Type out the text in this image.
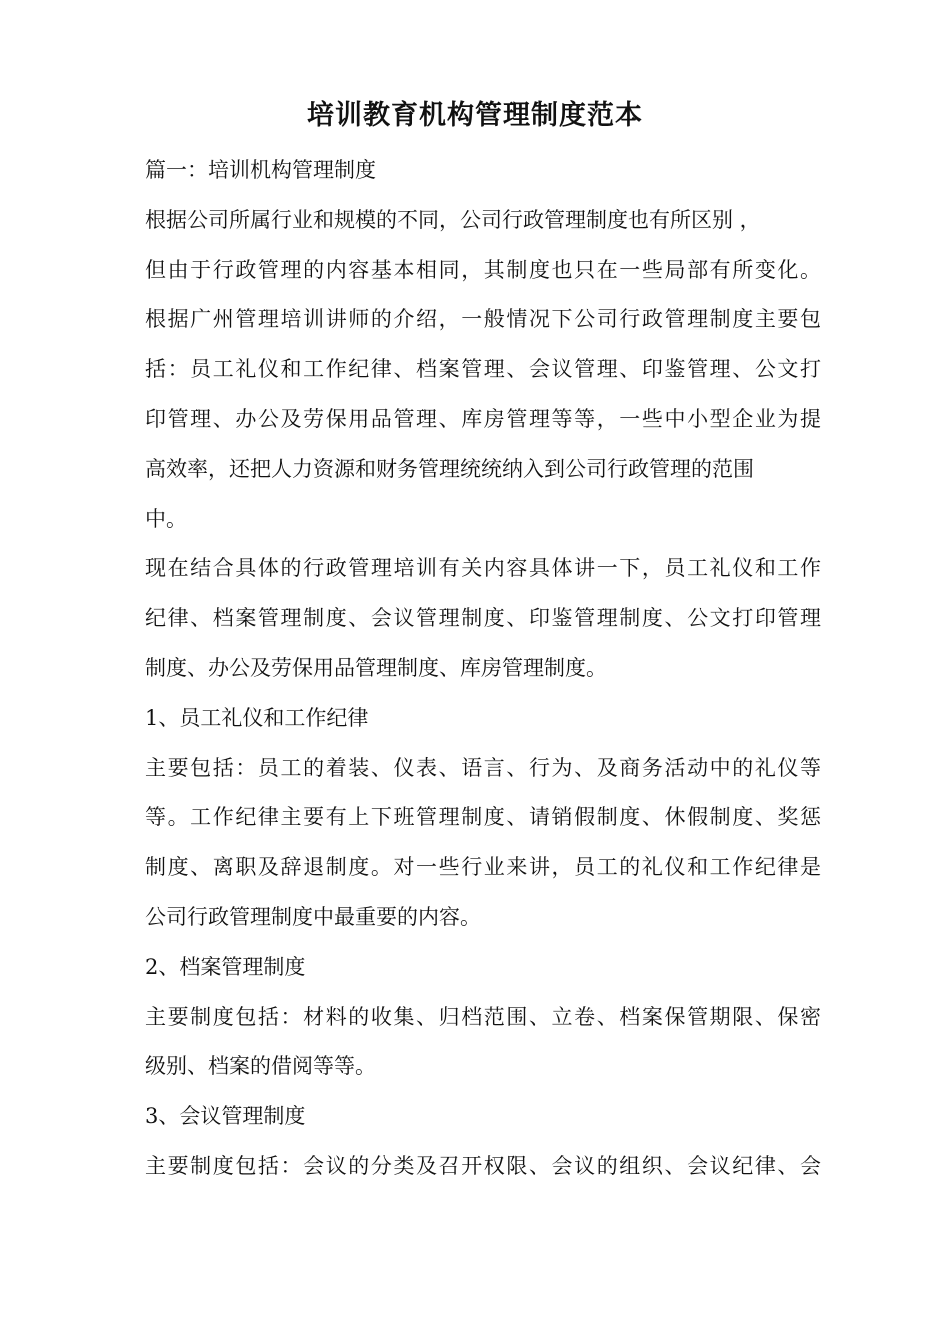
培训教育机构管理制度范本
篇一：培训机构管理制度
根据公司所属行业和规模的不同，公司行政管理制度也有所区别 ，
但由于行政管理的内容基本相同，其制度也只在一些局部有所变化。
根据广州管理培训讲师的介绍，一般情况下公司行政管理制度主要包
括：员工礼仪和工作纪律、档案管理、会议管理、印鉴管理、公文打
印管理、办公及劳保用品管理、库房管理等等，一些中小型企业为提
高效率，还把人力资源和财务管理统统纳入到公司行政管理的范围
中。
现在结合具体的行政管理培训有关内容具体讲一下，员工礼仪和工作
纪律、档案管理制度、会议管理制度、印鉴管理制度、公文打印管理
制度、办公及劳保用品管理制度、库房管理制度。
1、员工礼仪和工作纪律
主要包括：员工的着装、仪表、语言、行为、及商务活动中的礼仪等
等。工作纪律主要有上下班管理制度、请销假制度、休假制度、奖惩
制度、离职及辞退制度。对一些行业来讲，员工的礼仪和工作纪律是
公司行政管理制度中最重要的内容。
2、档案管理制度
主要制度包括：材料的收集、归档范围、立卷、档案保管期限、保密
级别、档案的借阅等等。
3、会议管理制度
主要制度包括：会议的分类及召开权限、会议的组织、会议纪律、会
